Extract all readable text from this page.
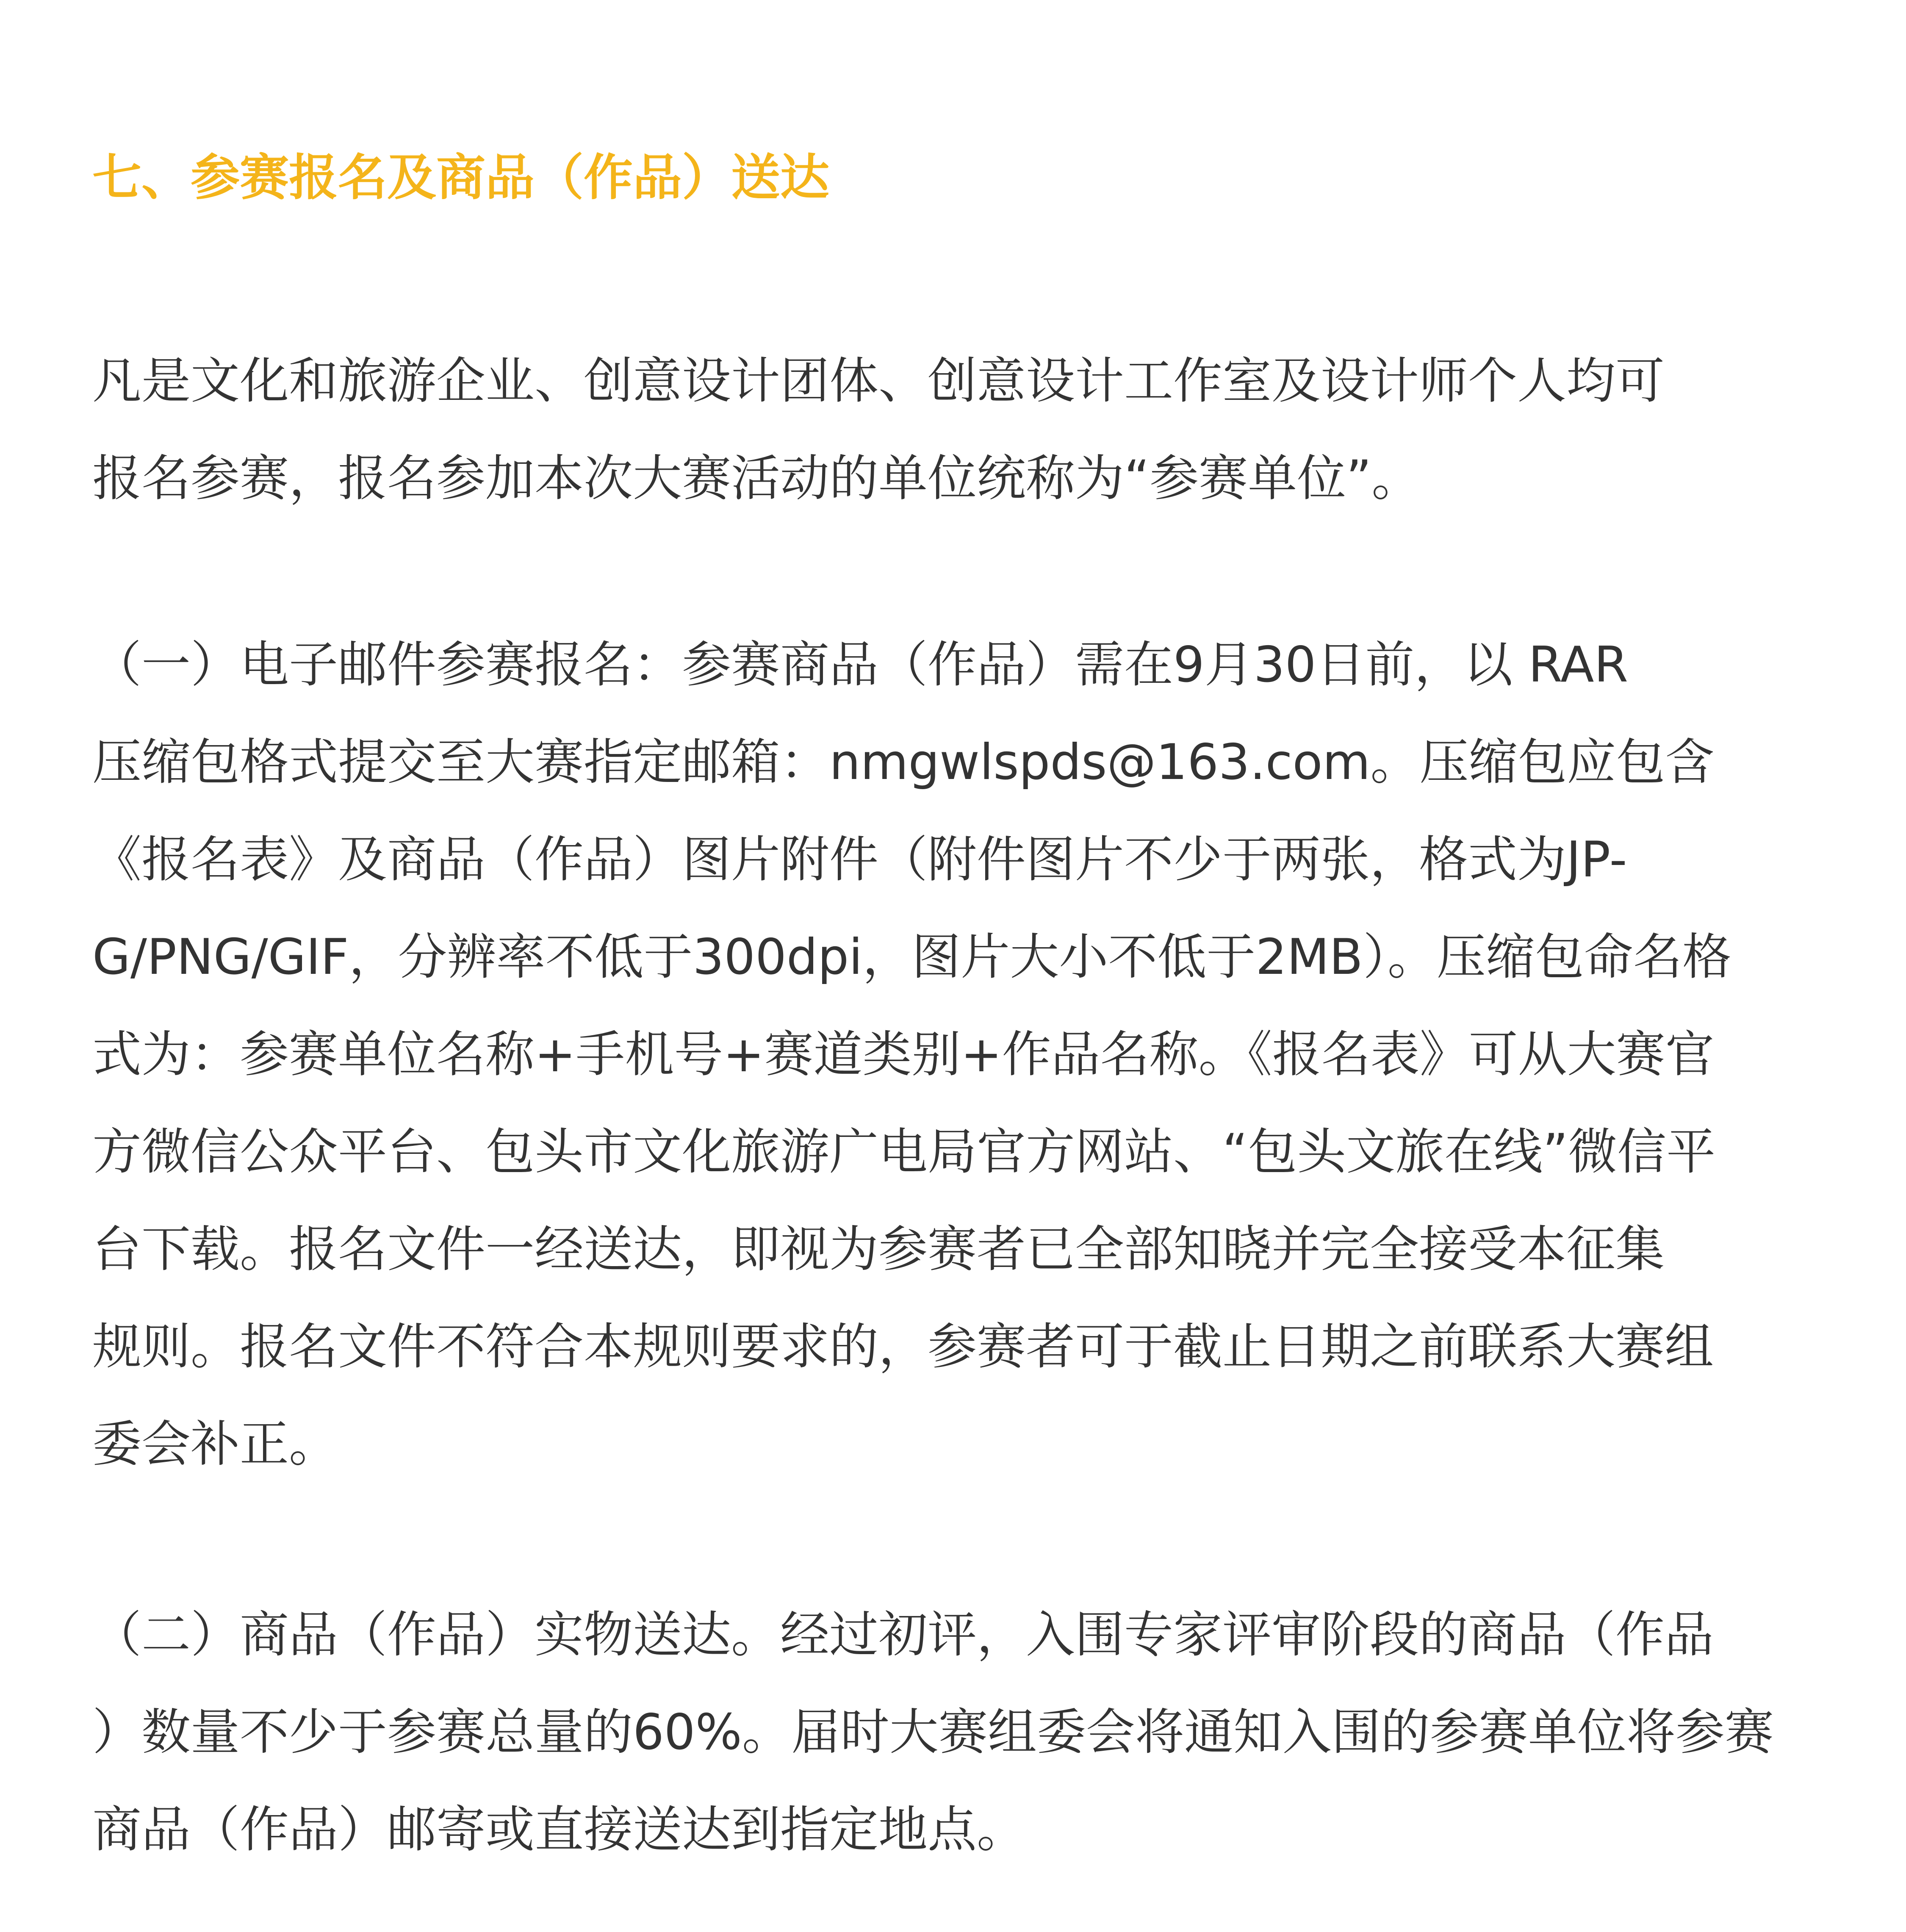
七、参赛报名及商品（作品）送达

凡是文化和旅游企业、创意设计团体、创意设计工作室及设计师个人均可

报名参赛，报名参加本次大赛活动的单位统称为“参赛单位”。

（一）电子邮件参赛报名：参赛商品（作品）需在9月30日前，以 RAR

压缩包格式提交至大赛指定邮箱：nmgwlspds@163.com。压缩包应包含

《报名表》及商品（作品）图片附件（附件图片不少于两张，格式为JP-

G/PNG/GIF，分辨率不低于300dpi，图片大小不低于2MB）。压缩包命名格

式为：参赛单位名称+手机号+赛道类别+作品名称。《报名表》可从大赛官

方微信公众平台、包头市文化旅游广电局官方网站、“包头文旅在线”微信平

台下载。报名文件一经送达，即视为参赛者已全部知晓并完全接受本征集

规则。报名文件不符合本规则要求的，参赛者可于截止日期之前联系大赛组

委会补正。

（二）商品（作品）实物送达。经过初评，入围专家评审阶段的商品（作品

）数量不少于参赛总量的60%。届时大赛组委会将通知入围的参赛单位将参赛

商品（作品）邮寄或直接送达到指定地点。
